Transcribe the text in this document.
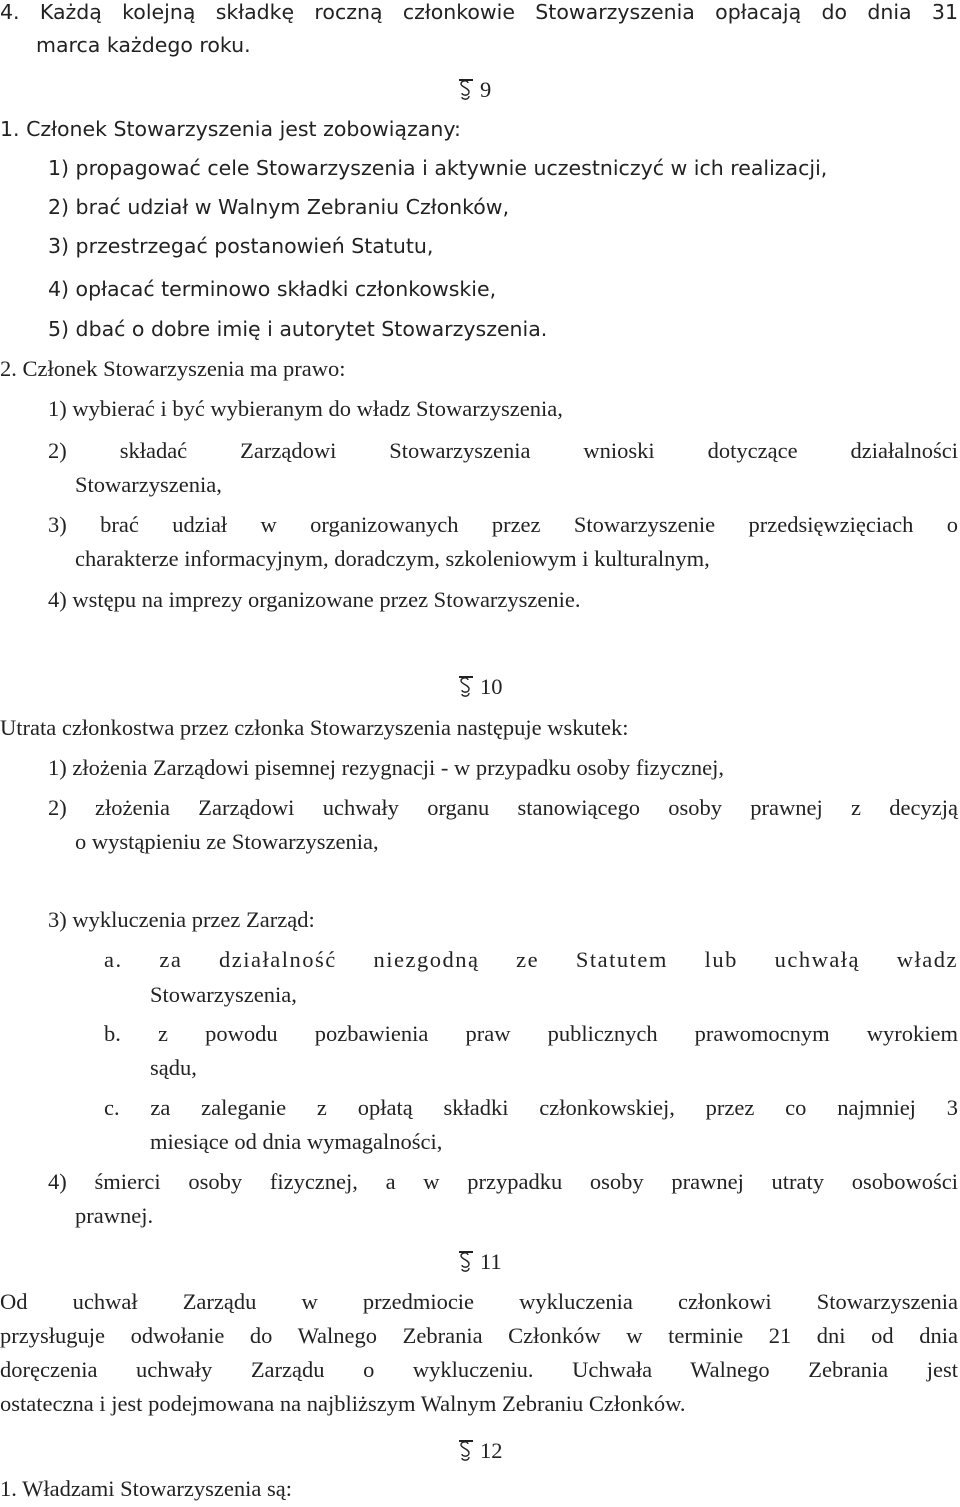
4. Każdą kolejną składkę roczną członkowie Stowarzyszenia opłacają do dnia 31
marca każdego roku.
9
1. Członek Stowarzyszenia jest zobowiązany:
1) propagować cele Stowarzyszenia i aktywnie uczestniczyć w ich realizacji,
2) brać udział w Walnym Zebraniu Członków,
3) przestrzegać postanowień Statutu,
4) opłacać terminowo składki członkowskie,
5) dbać o dobre imię i autorytet Stowarzyszenia.
2. Członek Stowarzyszenia ma prawo:
1) wybierać i być wybieranym do władz Stowarzyszenia,
2) składać Zarządowi Stowarzyszenia wnioski dotyczące działalności
Stowarzyszenia,
3) brać udział w organizowanych przez Stowarzyszenie przedsięwzięciach o
charakterze informacyjnym, doradczym, szkoleniowym i kulturalnym,
4) wstępu na imprezy organizowane przez Stowarzyszenie.
10
Utrata członkostwa przez członka Stowarzyszenia następuje wskutek:
1) złożenia Zarządowi pisemnej rezygnacji - w przypadku osoby fizycznej,
2) złożenia Zarządowi uchwały organu stanowiącego osoby prawnej z decyzją
o wystąpieniu ze Stowarzyszenia,
3) wykluczenia przez Zarząd:
a. za działalność niezgodną ze Statutem lub uchwałą władz
Stowarzyszenia,
b. z powodu pozbawienia praw publicznych prawomocnym wyrokiem
sądu,
c. za zaleganie z opłatą składki członkowskiej, przez co najmniej 3
miesiące od dnia wymagalności,
4) śmierci osoby fizycznej, a w przypadku osoby prawnej utraty osobowości
prawnej.
11
Od uchwał Zarządu w przedmiocie wykluczenia członkowi Stowarzyszenia
przysługuje odwołanie do Walnego Zebrania Członków w terminie 21 dni od dnia
doręczenia uchwały Zarządu o wykluczeniu. Uchwała Walnego Zebrania jest
ostateczna i jest podejmowana na najbliższym Walnym Zebraniu Członków.
12
1. Władzami Stowarzyszenia są:
